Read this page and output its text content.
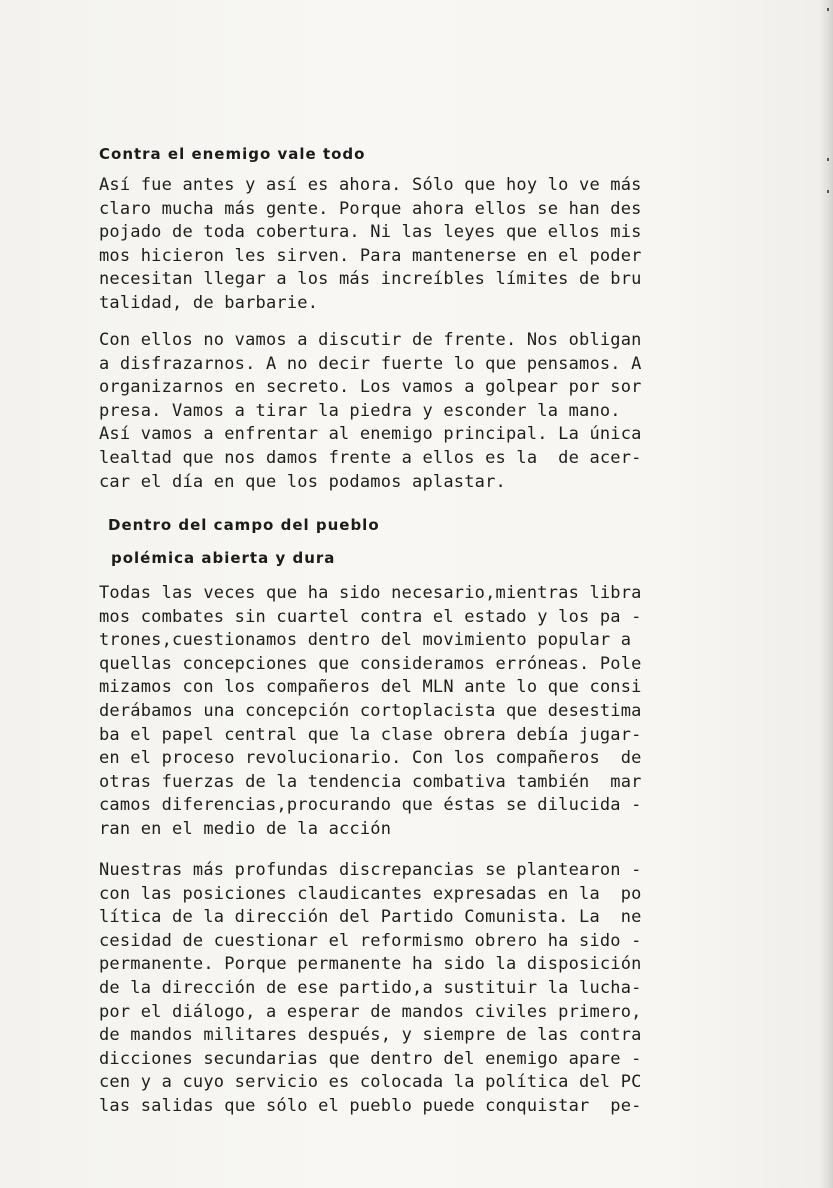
Contra el enemigo vale todo
Así fue antes y así es ahora. Sólo que hoy lo ve más
claro mucha más gente. Porque ahora ellos se han des
pojado de toda cobertura. Ni las leyes que ellos mis
mos hicieron les sirven. Para mantenerse en el poder
necesitan llegar a los más increíbles límites de bru
talidad, de barbarie.
Con ellos no vamos a discutir de frente. Nos obligan
a disfrazarnos. A no decir fuerte lo que pensamos. A
organizarnos en secreto. Los vamos a golpear por sor
presa. Vamos a tirar la piedra y esconder la mano.
Así vamos a enfrentar al enemigo principal. La única
lealtad que nos damos frente a ellos es la  de acer-
car el día en que los podamos aplastar.
Dentro del campo del pueblo
polémica abierta y dura
Todas las veces que ha sido necesario,mientras libra
mos combates sin cuartel contra el estado y los pa -
trones,cuestionamos dentro del movimiento popular a
quellas concepciones que consideramos erróneas. Pole
mizamos con los compañeros del MLN ante lo que consi
derábamos una concepción cortoplacista que desestima
ba el papel central que la clase obrera debía jugar-
en el proceso revolucionario. Con los compañeros  de
otras fuerzas de la tendencia combativa también  mar
camos diferencias,procurando que éstas se dilucida -
ran en el medio de la acción
Nuestras más profundas discrepancias se plantearon -
con las posiciones claudicantes expresadas en la  po
lítica de la dirección del Partido Comunista. La  ne
cesidad de cuestionar el reformismo obrero ha sido -
permanente. Porque permanente ha sido la disposición
de la dirección de ese partido,a sustituir la lucha-
por el diálogo, a esperar de mandos civiles primero,
de mandos militares después, y siempre de las contra
dicciones secundarias que dentro del enemigo apare -
cen y a cuyo servicio es colocada la política del PC
las salidas que sólo el pueblo puede conquistar  pe-
